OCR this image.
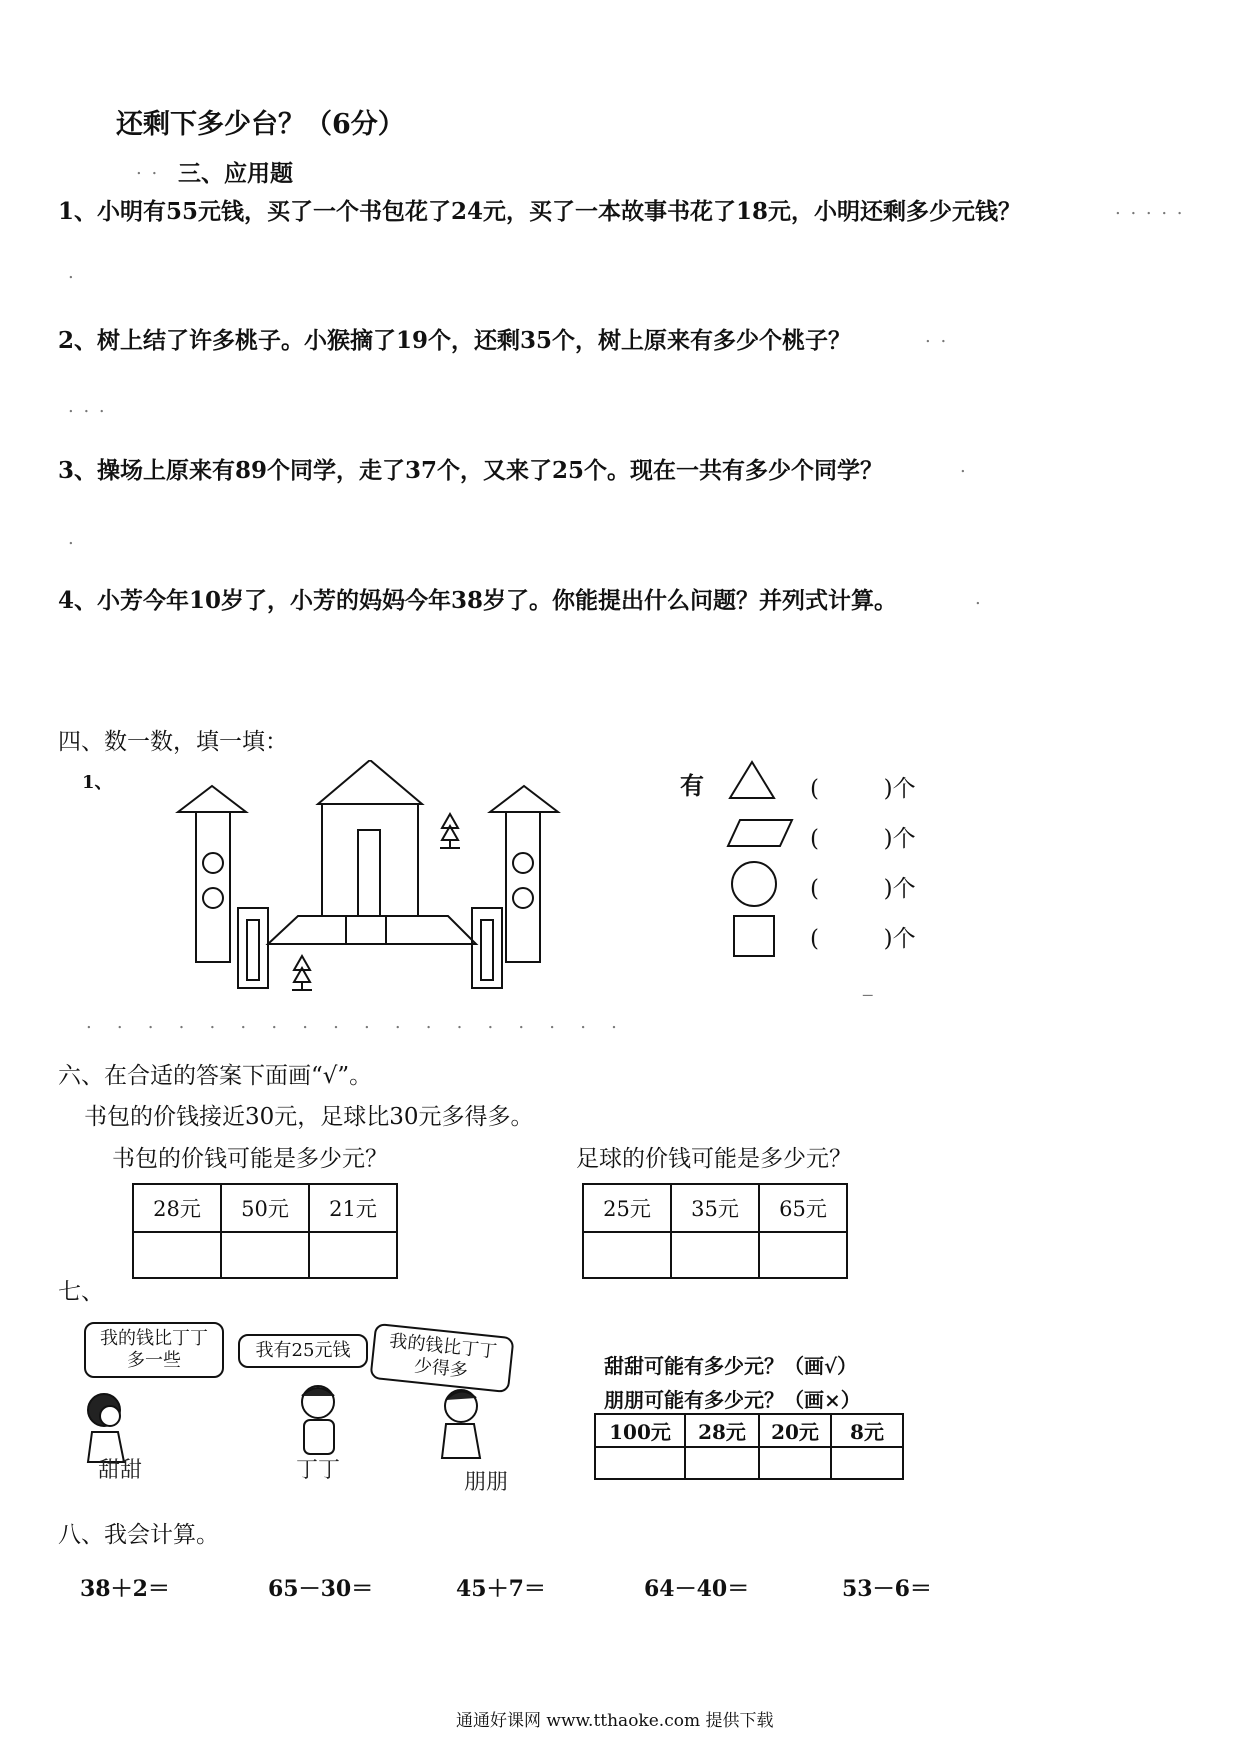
还剩下多少台？（6分）
. . 三、应用题
1、小明有55元钱，买了一个书包花了24元，买了一本故事书花了18元，小明还剩多少元钱？	. . . . .
.
2、树上结了许多桃子。小猴摘了19个，还剩35个，树上原来有多少个桃子？	. .
. . .
3、操场上原来有89个同学，走了37个，又来了25个。现在一共有多少个同学？	.
.
4、小芳今年10岁了，小芳的妈妈今年38岁了。你能提出什么问题？并列式计算。	.
四、数一数，填一填：
1、	有	(	)个
(	)个
(	)个
(	)个
.   .   .   .   .   .   .   .   .   .   .   .   .   .   .   .   .   .
‒
六、在合适的答案下面画“√”。
书包的价钱接近30元，足球比30元多得多。
书包的价钱可能是多少元？	足球的价钱可能是多少元？
28元	50元	21元
			25元	35元	65元

七、
我的钱比丁丁多一些	我有25元钱	我的钱比丁丁少得多
甜甜	丁丁	朋朋
甜甜可能有多少元？（画√）
朋朋可能有多少元？（画×）
100元	28元	20元	8元

八、我会计算。
38＋2＝	65－30＝	45＋7＝	64－40＝	53－6＝
通通好课网 www.tthaoke.com 提供下载
